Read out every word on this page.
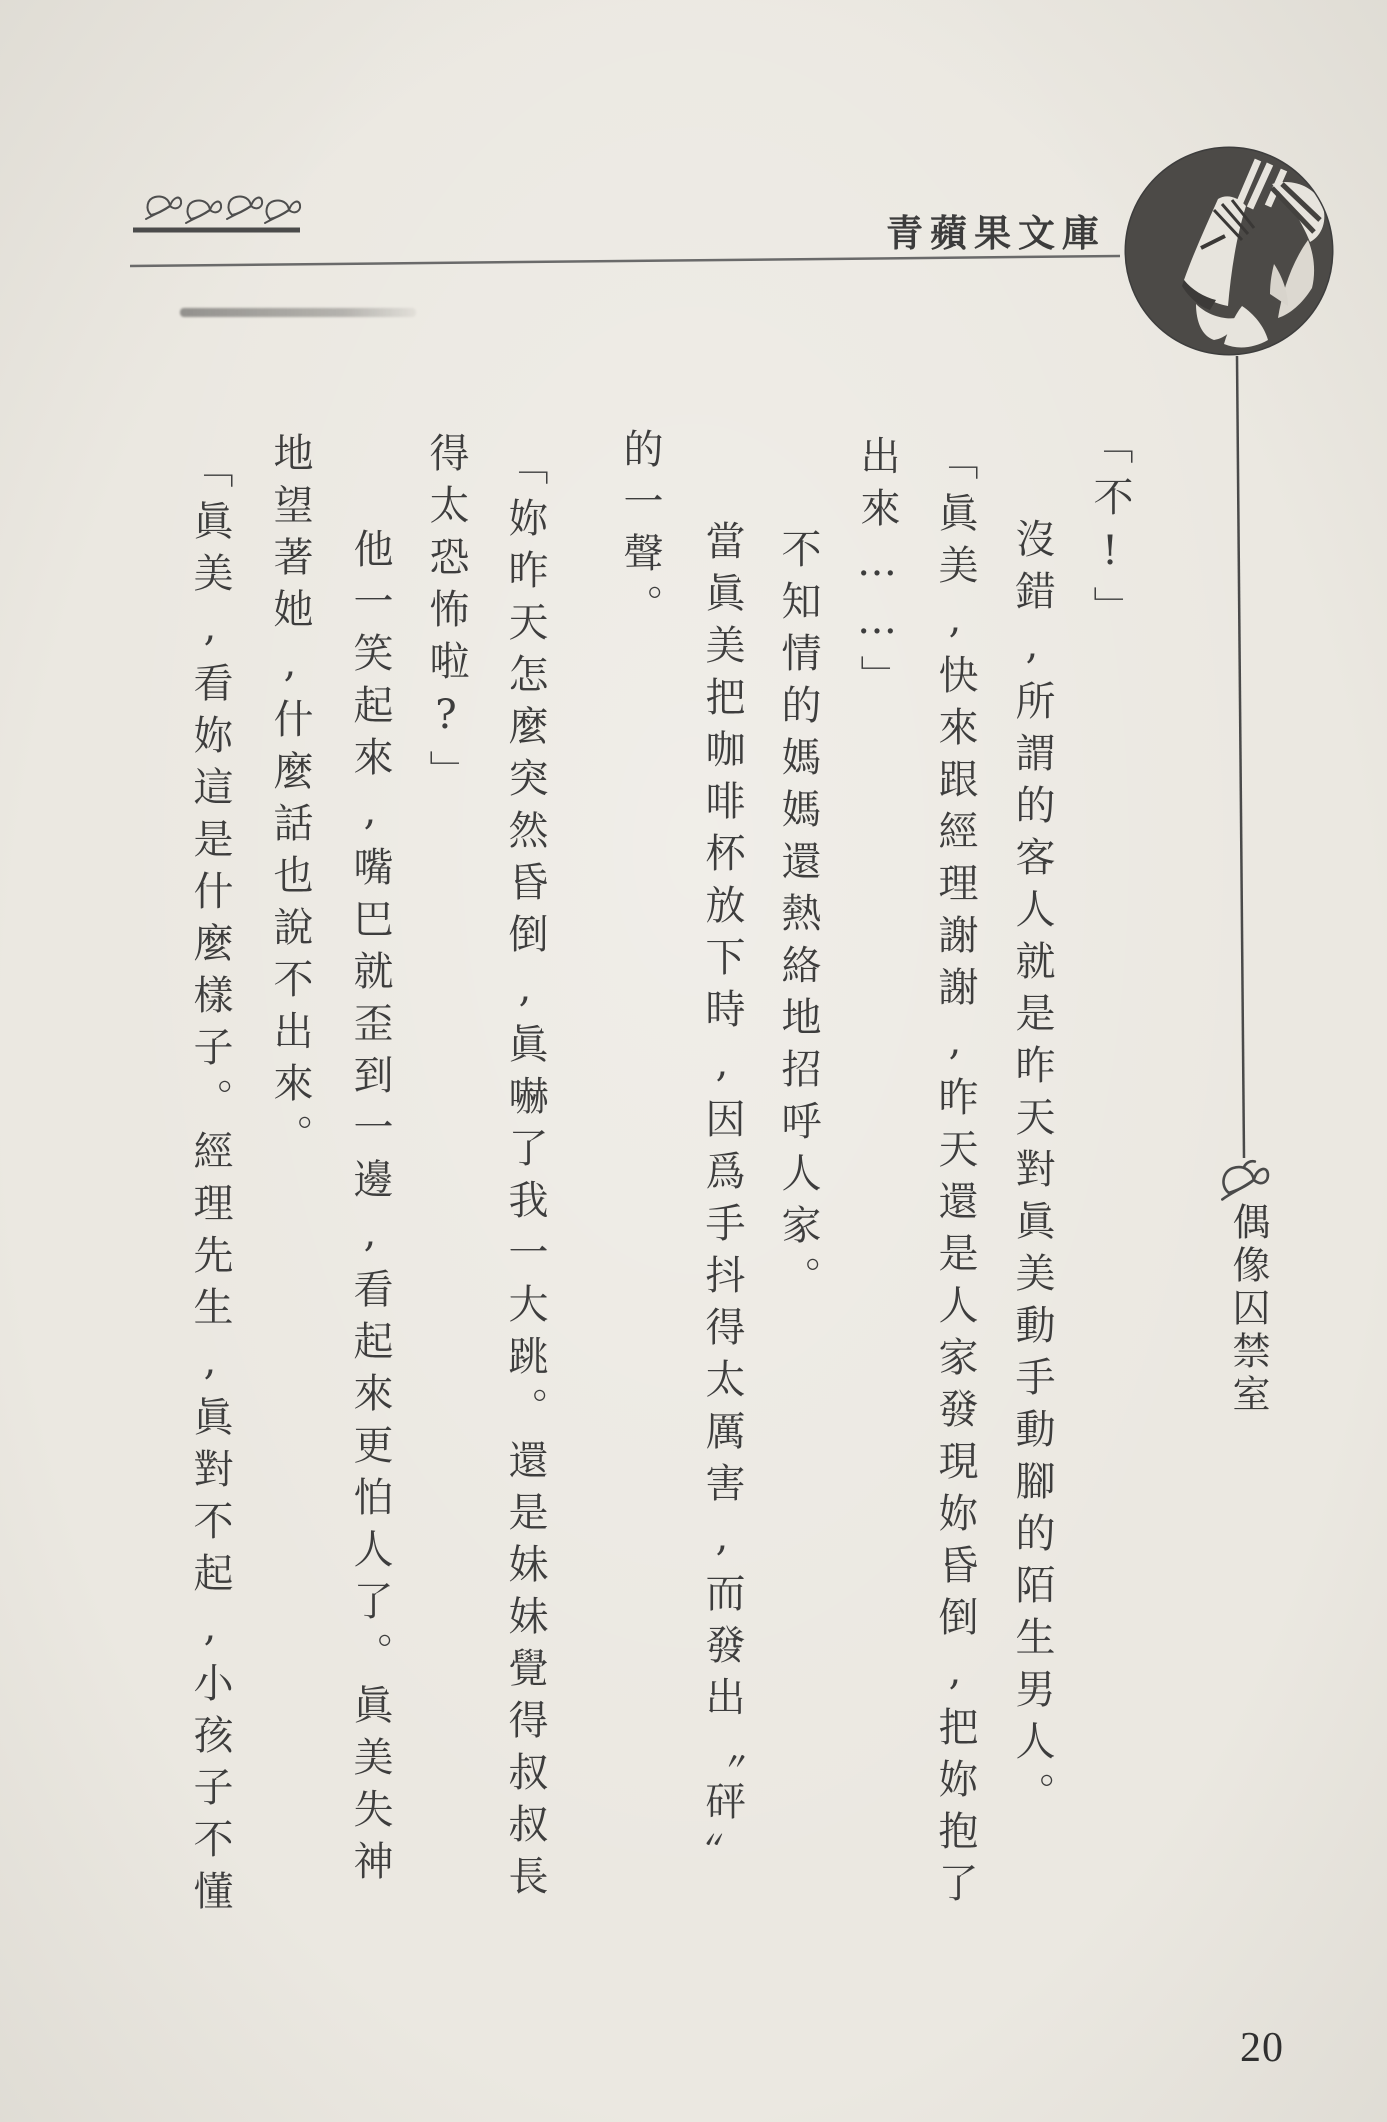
青蘋果文庫
偶像囚禁室
「不!」
沒錯,所謂的客人就是昨天對眞美動手動腳的陌生男人。
「眞美,快來跟經理謝謝,昨天還是人家發現妳昏倒,把妳抱了
出來……」
不知情的媽媽還熱絡地招呼人家。
當眞美把咖啡杯放下時,因爲手抖得太厲害,而發出〝砰〞
的一聲。
「妳昨天怎麼突然昏倒,眞嚇了我一大跳。還是妹妹覺得叔叔長
得太恐怖啦?」
他一笑起來,嘴巴就歪到一邊,看起來更怕人了。眞美失神
地望著她,什麼話也說不出來。
「眞美,看妳這是什麼樣子。經理先生,眞對不起,小孩子不懂
20
